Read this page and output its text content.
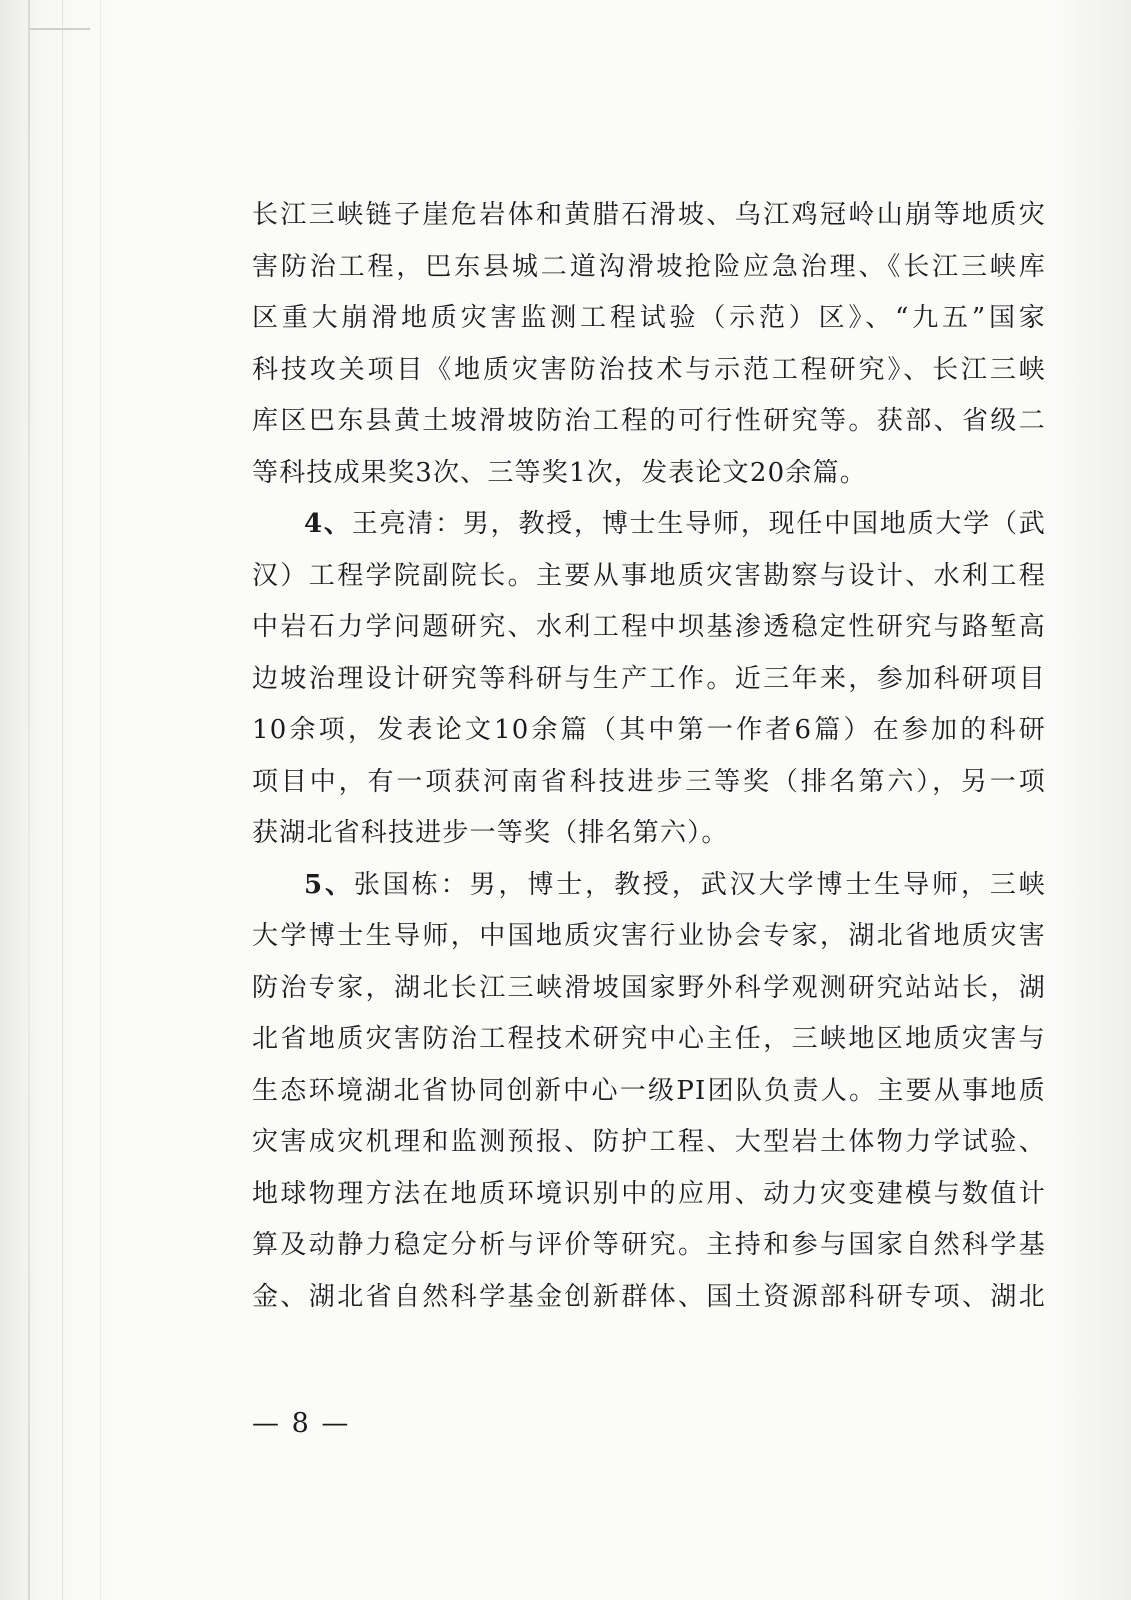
长江三峡链子崖危岩体和黄腊石滑坡、乌江鸡冠岭山崩等地质灾
害防治工程，巴东县城二道沟滑坡抢险应急治理、《长江三峡库
区重大崩滑地质灾害监测工程试验（示范）区》、“九五”国家
科技攻关项目《地质灾害防治技术与示范工程研究》、长江三峡
库区巴东县黄土坡滑坡防治工程的可行性研究等。获部、省级二
等科技成果奖3次、三等奖1次，发表论文20余篇。
4、王亮清：男，教授，博士生导师，现任中国地质大学（武
汉）工程学院副院长。主要从事地质灾害勘察与设计、水利工程
中岩石力学问题研究、水利工程中坝基渗透稳定性研究与路堑高
边坡治理设计研究等科研与生产工作。近三年来，参加科研项目
10余项，发表论文10余篇（其中第一作者6篇）在参加的科研
项目中，有一项获河南省科技进步三等奖（排名第六），另一项
获湖北省科技进步一等奖（排名第六）。
5、张国栋：男，博士，教授，武汉大学博士生导师，三峡
大学博士生导师，中国地质灾害行业协会专家，湖北省地质灾害
防治专家，湖北长江三峡滑坡国家野外科学观测研究站站长，湖
北省地质灾害防治工程技术研究中心主任，三峡地区地质灾害与
生态环境湖北省协同创新中心一级PI团队负责人。主要从事地质
灾害成灾机理和监测预报、防护工程、大型岩土体物力学试验、
地球物理方法在地质环境识别中的应用、动力灾变建模与数值计
算及动静力稳定分析与评价等研究。主持和参与国家自然科学基
金、湖北省自然科学基金创新群体、国土资源部科研专项、湖北
— 8 —
